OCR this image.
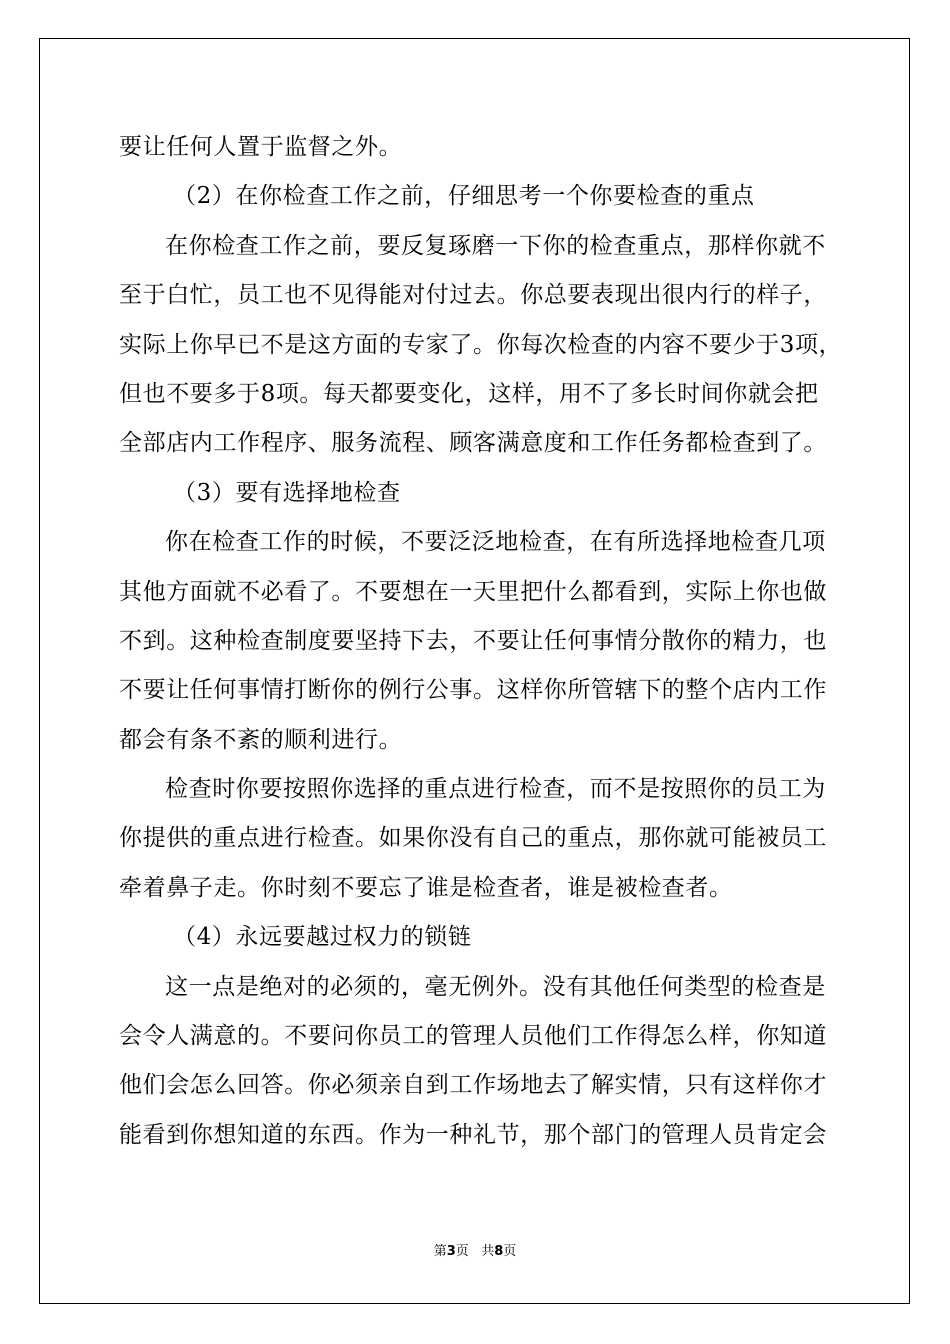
要让任何人置于监督之外。
（2）在你检查工作之前，仔细思考一个你要检查的重点
在你检查工作之前，要反复琢磨一下你的检查重点，那样你就不
至于白忙，员工也不见得能对付过去。你总要表现出很内行的样子，
实际上你早已不是这方面的专家了。你每次检查的内容不要少于3项，
但也不要多于8项。每天都要变化，这样，用不了多长时间你就会把
全部店内工作程序、服务流程、顾客满意度和工作任务都检查到了。
（3）要有选择地检查
你在检查工作的时候，不要泛泛地检查，在有所选择地检查几项
其他方面就不必看了。不要想在一天里把什么都看到，实际上你也做
不到。这种检查制度要坚持下去，不要让任何事情分散你的精力，也
不要让任何事情打断你的例行公事。这样你所管辖下的整个店内工作
都会有条不紊的顺利进行。
检查时你要按照你选择的重点进行检查，而不是按照你的员工为
你提供的重点进行检查。如果你没有自己的重点，那你就可能被员工
牵着鼻子走。你时刻不要忘了谁是检查者，谁是被检查者。
（4）永远要越过权力的锁链
这一点是绝对的必须的，毫无例外。没有其他任何类型的检查是
会令人满意的。不要问你员工的管理人员他们工作得怎么样，你知道
他们会怎么回答。你必须亲自到工作场地去了解实情，只有这样你才
能看到你想知道的东西。作为一种礼节，那个部门的管理人员肯定会
第3页 共8页
